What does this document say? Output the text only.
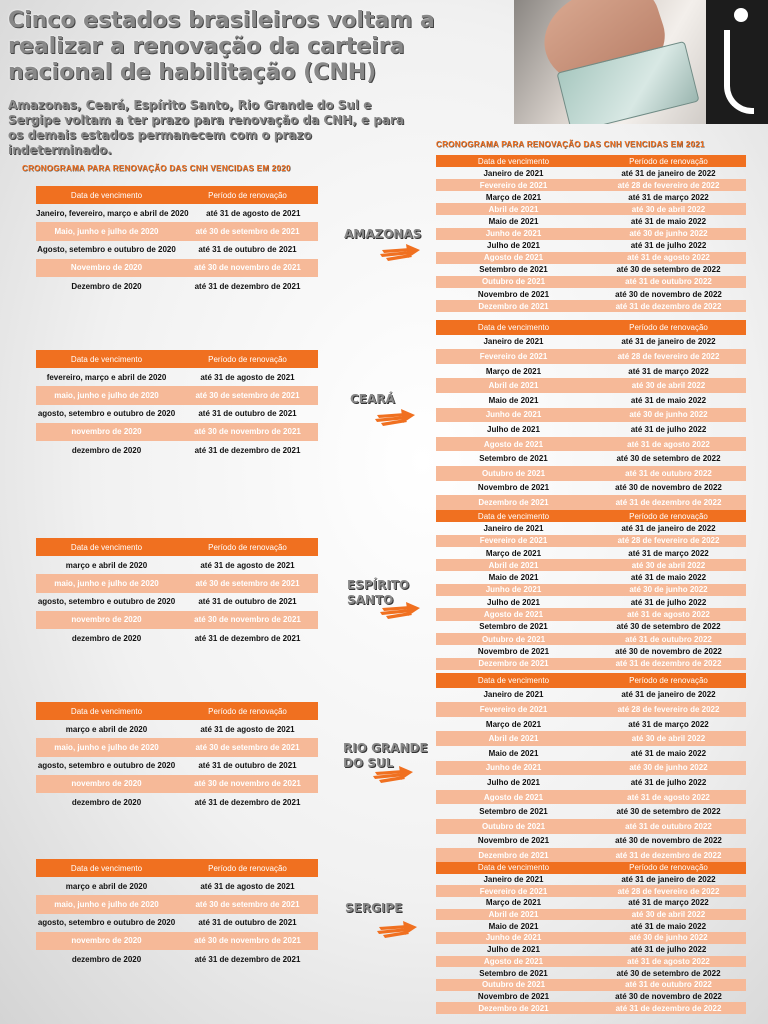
Cinco estados brasileiros voltam a realizar a renovação da carteira nacional de habilitação (CNH)

Amazonas, Ceará, Espírito Santo, Rio Grande do Sul e Sergipe voltam a ter prazo para renovação da CNH, e para os demais estados permanecem com o prazo indeterminado.

CRONOGRAMA PARA RENOVAÇÃO DAS CNH VENCIDAS EM 2020

CRONOGRAMA PARA RENOVAÇÃO DAS CNH VENCIDAS EM 2021

Data de vencimento	Período de renovação
Janeiro, fevereiro, março e abril de 2020	até 31 de agosto de 2021
Maio, junho e julho de 2020	até 30 de setembro de 2021
Agosto, setembro e outubro de 2020	até 31 de outubro de 2021
Novembro de 2020	até 30 de novembro de 2021
Dezembro de 2020	até 31 de dezembro de 2021
Data de vencimento	Período de renovação
Janeiro de 2021	até 31 de janeiro de 2022
Fevereiro de 2021	até 28 de fevereiro de 2022
Março de 2021	até 31 de março 2022
Abril de 2021	até 30 de abril 2022
Maio de 2021	até 31 de maio 2022
Junho de 2021	até 30 de junho 2022
Julho de 2021	até 31 de julho 2022
Agosto de 2021	até 31 de agosto 2022
Setembro de 2021	até 30 de setembro de 2022
Outubro de 2021	até 31 de outubro 2022
Novembro de 2021	até 30 de novembro de 2022
Dezembro de 2021	até 31 de dezembro de 2022

AMAZONAS

Data de vencimento	Período de renovação
fevereiro, março e abril de 2020	até 31 de agosto de 2021
maio, junho e julho de 2020	até 30 de setembro de 2021
agosto, setembro e outubro de 2020	até 31 de outubro de 2021
novembro de 2020	até 30 de novembro de 2021
dezembro de 2020	até 31 de dezembro de 2021
Data de vencimento	Período de renovação
Janeiro de 2021	até 31 de janeiro de 2022
Fevereiro de 2021	até 28 de fevereiro de 2022
Março de 2021	até 31 de março 2022
Abril de 2021	até 30 de abril 2022
Maio de 2021	até 31 de maio 2022
Junho de 2021	até 30 de junho 2022
Julho de 2021	até 31 de julho 2022
Agosto de 2021	até 31 de agosto 2022
Setembro de 2021	até 30 de setembro de 2022
Outubro de 2021	até 31 de outubro 2022
Novembro de 2021	até 30 de novembro de 2022
Dezembro de 2021	até 31 de dezembro de 2022

CEARÁ

Data de vencimento	Período de renovação
março e abril de 2020	até 31 de agosto de 2021
maio, junho e julho de 2020	até 30 de setembro de 2021
agosto, setembro e outubro de 2020	até 31 de outubro de 2021
novembro de 2020	até 30 de novembro de 2021
dezembro de 2020	até 31 de dezembro de 2021
Data de vencimento	Período de renovação
Janeiro de 2021	até 31 de janeiro de 2022
Fevereiro de 2021	até 28 de fevereiro de 2022
Março de 2021	até 31 de março 2022
Abril de 2021	até 30 de abril 2022
Maio de 2021	até 31 de maio 2022
Junho de 2021	até 30 de junho 2022
Julho de 2021	até 31 de julho 2022
Agosto de 2021	até 31 de agosto 2022
Setembro de 2021	até 30 de setembro de 2022
Outubro de 2021	até 31 de outubro 2022
Novembro de 2021	até 30 de novembro de 2022
Dezembro de 2021	até 31 de dezembro de 2022

ESPÍRITO SANTO

Data de vencimento	Período de renovação
março e abril de 2020	até 31 de agosto de 2021
maio, junho e julho de 2020	até 30 de setembro de 2021
agosto, setembro e outubro de 2020	até 31 de outubro de 2021
novembro de 2020	até 30 de novembro de 2021
dezembro de 2020	até 31 de dezembro de 2021
Data de vencimento	Período de renovação
Janeiro de 2021	até 31 de janeiro de 2022
Fevereiro de 2021	até 28 de fevereiro de 2022
Março de 2021	até 31 de março 2022
Abril de 2021	até 30 de abril 2022
Maio de 2021	até 31 de maio 2022
Junho de 2021	até 30 de junho 2022
Julho de 2021	até 31 de julho 2022
Agosto de 2021	até 31 de agosto 2022
Setembro de 2021	até 30 de setembro de 2022
Outubro de 2021	até 31 de outubro 2022
Novembro de 2021	até 30 de novembro de 2022
Dezembro de 2021	até 31 de dezembro de 2022

RIO GRANDE DO SUL

Data de vencimento	Período de renovação
março e abril de 2020	até 31 de agosto de 2021
maio, junho e julho de 2020	até 30 de setembro de 2021
agosto, setembro e outubro de 2020	até 31 de outubro de 2021
novembro de 2020	até 30 de novembro de 2021
dezembro de 2020	até 31 de dezembro de 2021
Data de vencimento	Período de renovação
Janeiro de 2021	até 31 de janeiro de 2022
Fevereiro de 2021	até 28 de fevereiro de 2022
Março de 2021	até 31 de março 2022
Abril de 2021	até 30 de abril 2022
Maio de 2021	até 31 de maio 2022
Junho de 2021	até 30 de junho 2022
Julho de 2021	até 31 de julho 2022
Agosto de 2021	até 31 de agosto 2022
Setembro de 2021	até 30 de setembro de 2022
Outubro de 2021	até 31 de outubro 2022
Novembro de 2021	até 30 de novembro de 2022
Dezembro de 2021	até 31 de dezembro de 2022

SERGIPE
